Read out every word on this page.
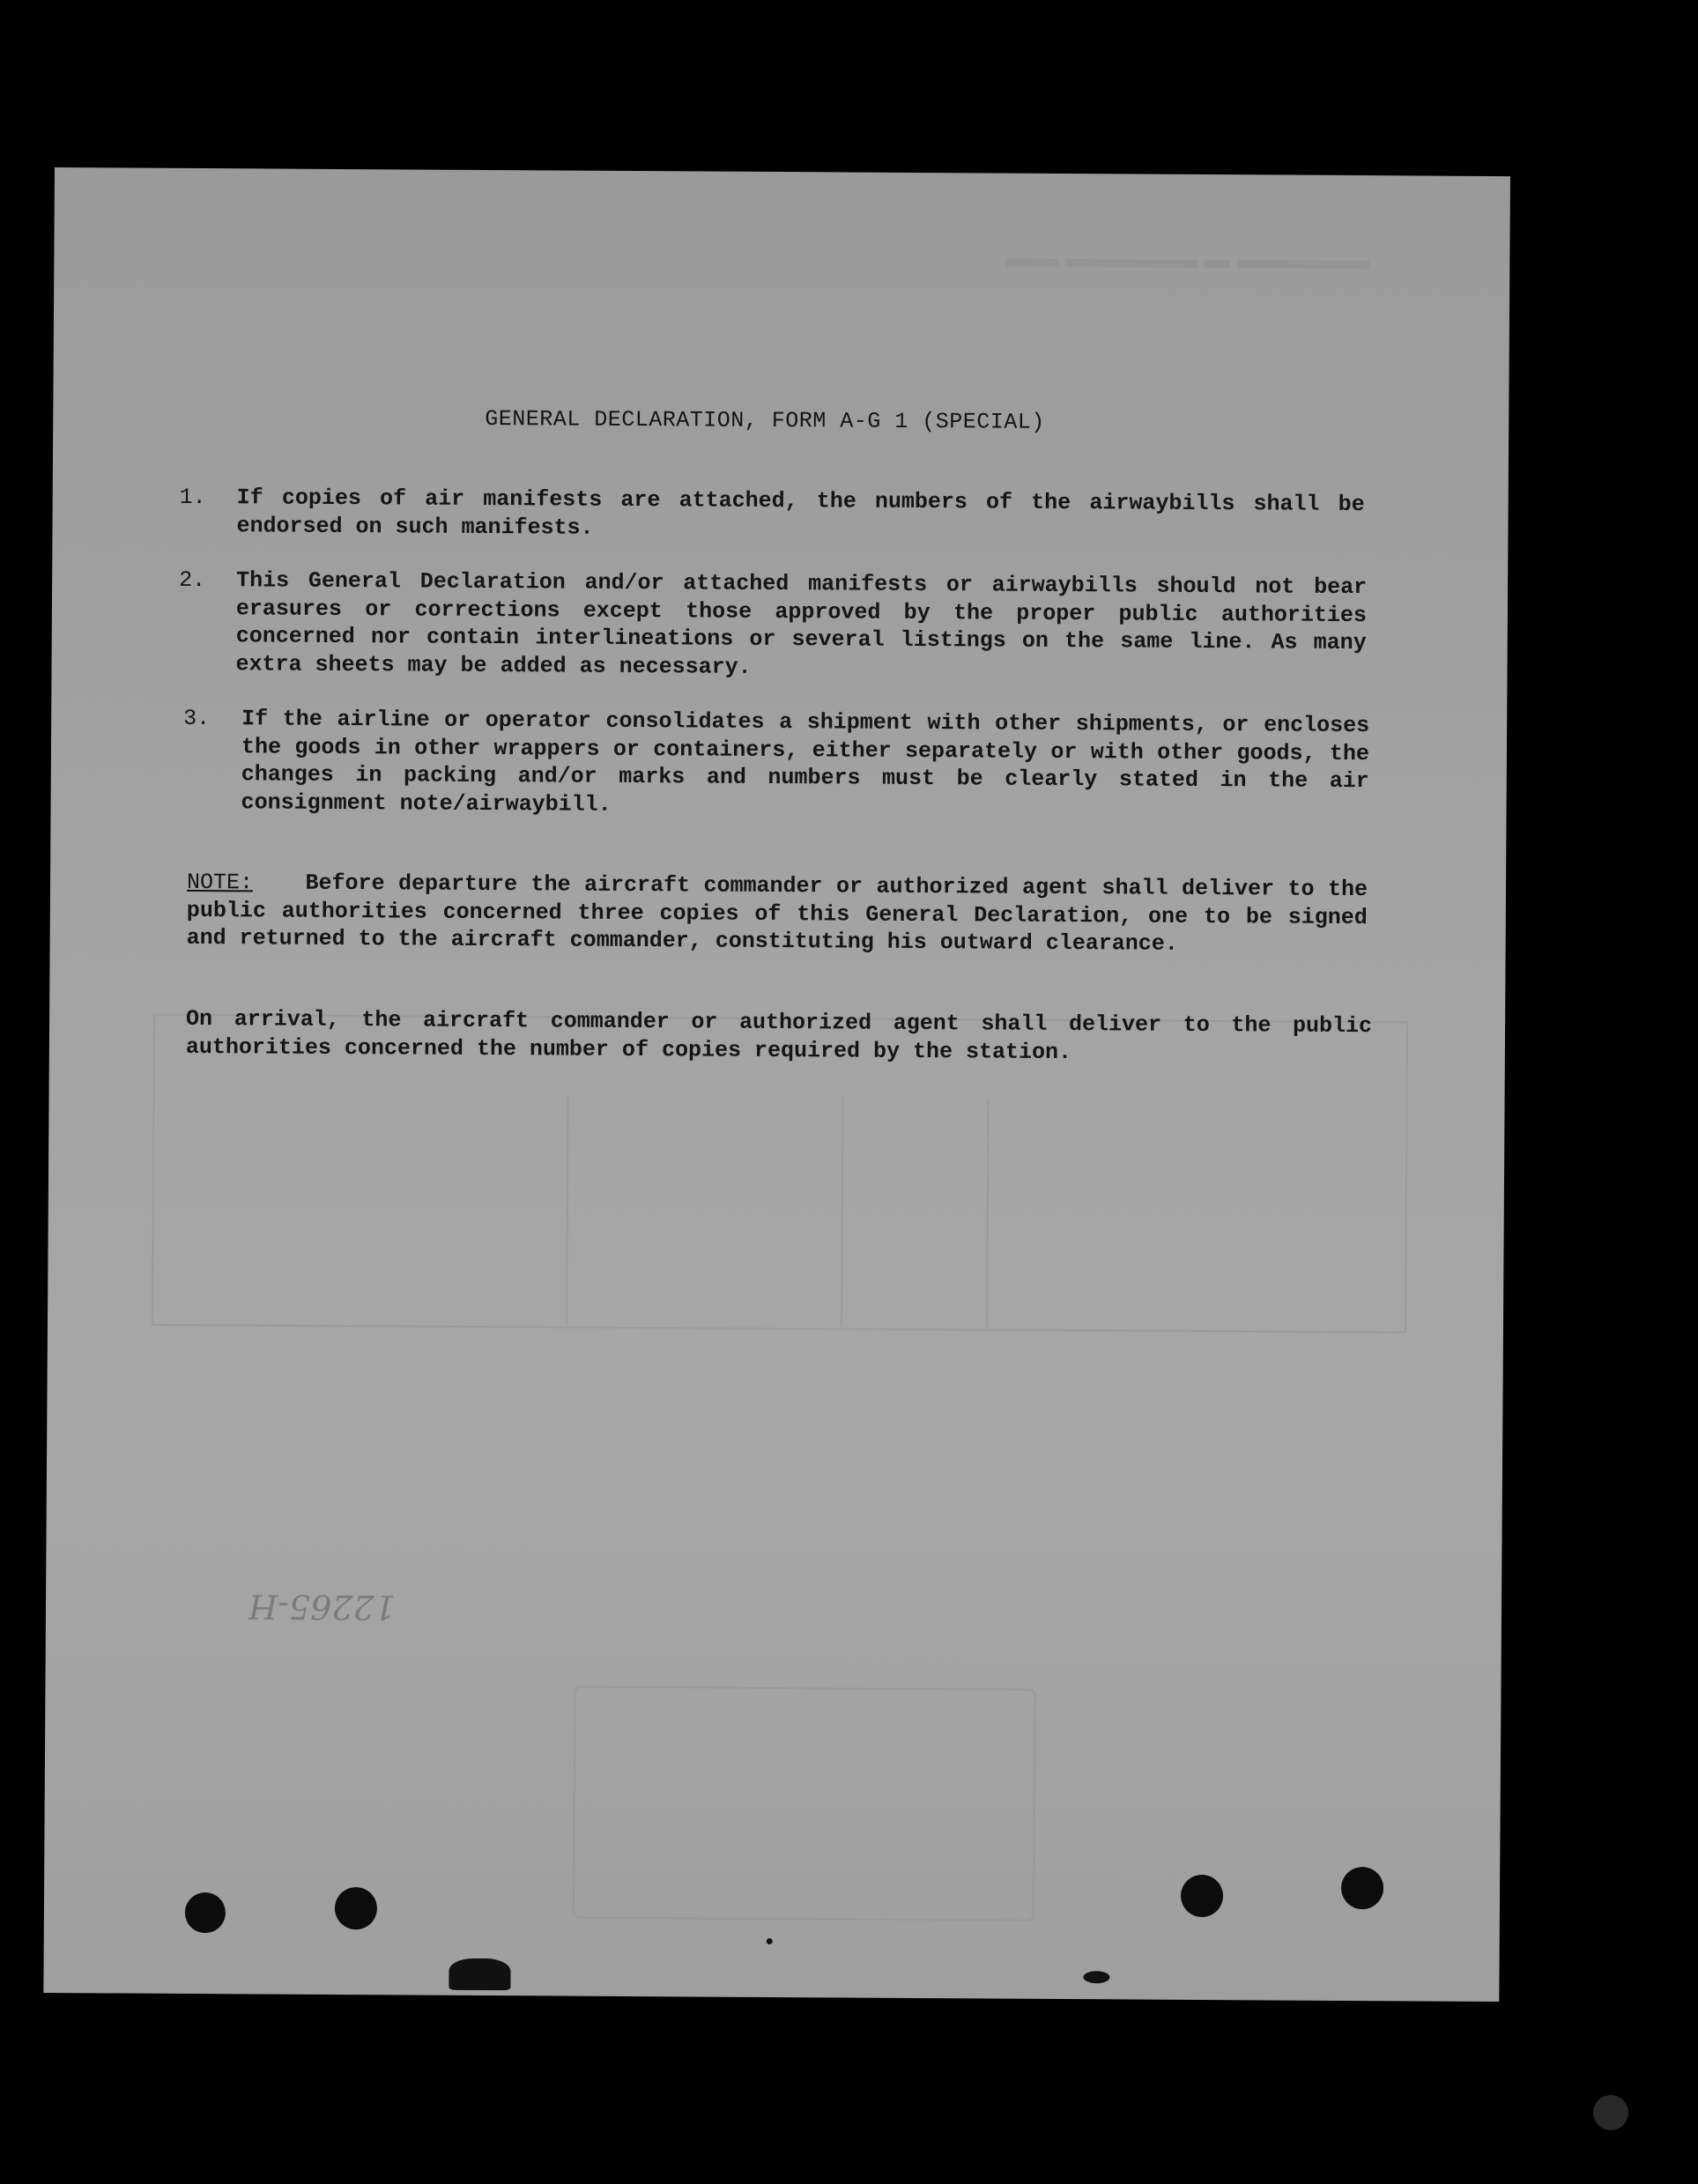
▬▬ ▬▬▬▬▬ ▬ ▬▬▬▬▬
GENERAL DECLARATION, FORM A-G 1 (SPECIAL)
1. If copies of air manifests are attached, the numbers of the airwaybills shall be endorsed on such manifests.
2. This General Declaration and/or attached manifests or airwaybills should not bear erasures or corrections except those approved by the proper public authorities concerned nor contain interlineations or several listings on the same line. As many extra sheets may be added as necessary.
3. If the airline or operator consolidates a shipment with other shipments, or encloses the goods in other wrappers or containers, either separately or with other goods, the changes in packing and/or marks and numbers must be clearly stated in the air consignment note/airwaybill.
NOTE: Before departure the aircraft commander or authorized agent shall deliver to the public authorities concerned three copies of this General Declaration, one to be signed and returned to the aircraft commander, constituting his outward clearance.
On arrival, the aircraft commander or authorized agent shall deliver to the public authorities concerned the number of copies required by the station.
12265-H
